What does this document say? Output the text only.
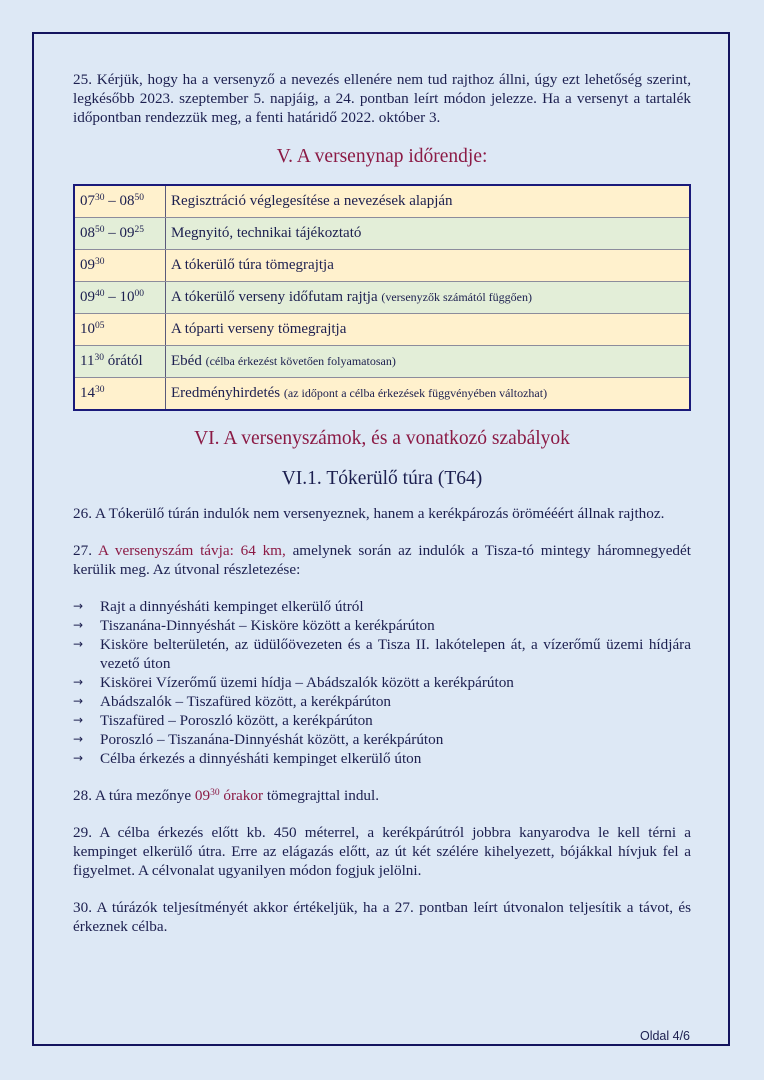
25. Kérjük, hogy ha a versenyző a nevezés ellenére nem tud rajthoz állni, úgy ezt lehetőség szerint, legkésőbb 2023. szeptember 5. napjáig, a 24. pontban leírt módon jelezze. Ha a versenyt a tartalék időpontban rendezzük meg, a fenti határidő 2022. október 3.

V. A versenynap időrendje:
$07^{30} - 08^{50}$	Regisztráció véglegesítése a nevezések alapján
$08^{50} - 09^{25}$	Megnyitó, technikai tájékoztató
$09^{30}$	A tókerülő túra tömegrajtja
$09^{40} - 10^{00}$	A tókerülő verseny időfutam rajtja (versenyzők számától függően)
$10^{05}$	A tóparti verseny tömegrajtja
$11^{30}$ órától	Ebéd (célba érkezést követően folyamatosan)
$14^{30}$	Eredményhirdetés (az időpont a célba érkezések függvényében változhat)
VI. A versenyszámok, és a vonatkozó szabályok
VI.1. Tókerülő túra (T64)

26. A Tókerülő túrán indulók nem versenyeznek, hanem a kerékpározás örömééért állnak rajthoz.

27. A versenyszám távja: 64 km, amelynek során az indulók a Tisza-tó mintegy háromnegyedét kerülik meg. Az útvonal részletezése:

→ Rajt a dinnyésháti kempinget elkerülő útról
→ Tiszanána-Dinnyéshát – Kisköre között a kerékpárúton
→ Kisköre belterületén, az üdülőövezeten és a Tisza II. lakótelepen át, a vízerőmű üzemi hídjára vezető úton
→ Kiskörei Vízerőmű üzemi hídja – Abádszalók között a kerékpárúton
→ Abádszalók – Tiszafüred között, a kerékpárúton
→ Tiszafüred – Poroszló között, a kerékpárúton
→ Poroszló – Tiszanána-Dinnyéshát között, a kerékpárúton
→ Célba érkezés a dinnyésháti kempinget elkerülő úton

28. A túra mezőnye $09^{30}$ órakor tömegrajttal indul.

29. A célba érkezés előtt kb. 450 méterrel, a kerékpárútról jobbra kanyarodva le kell térni a kempinget elkerülő útra. Erre az elágazás előtt, az út két szélére kihelyezett, bójákkal hívjuk fel a figyelmet. A célvonalat ugyanilyen módon fogjuk jelölni.

30. A túrázók teljesítményét akkor értékeljük, ha a 27. pontban leírt útvonalon teljesítik a távot, és érkeznek célba.

Oldal 4/6
